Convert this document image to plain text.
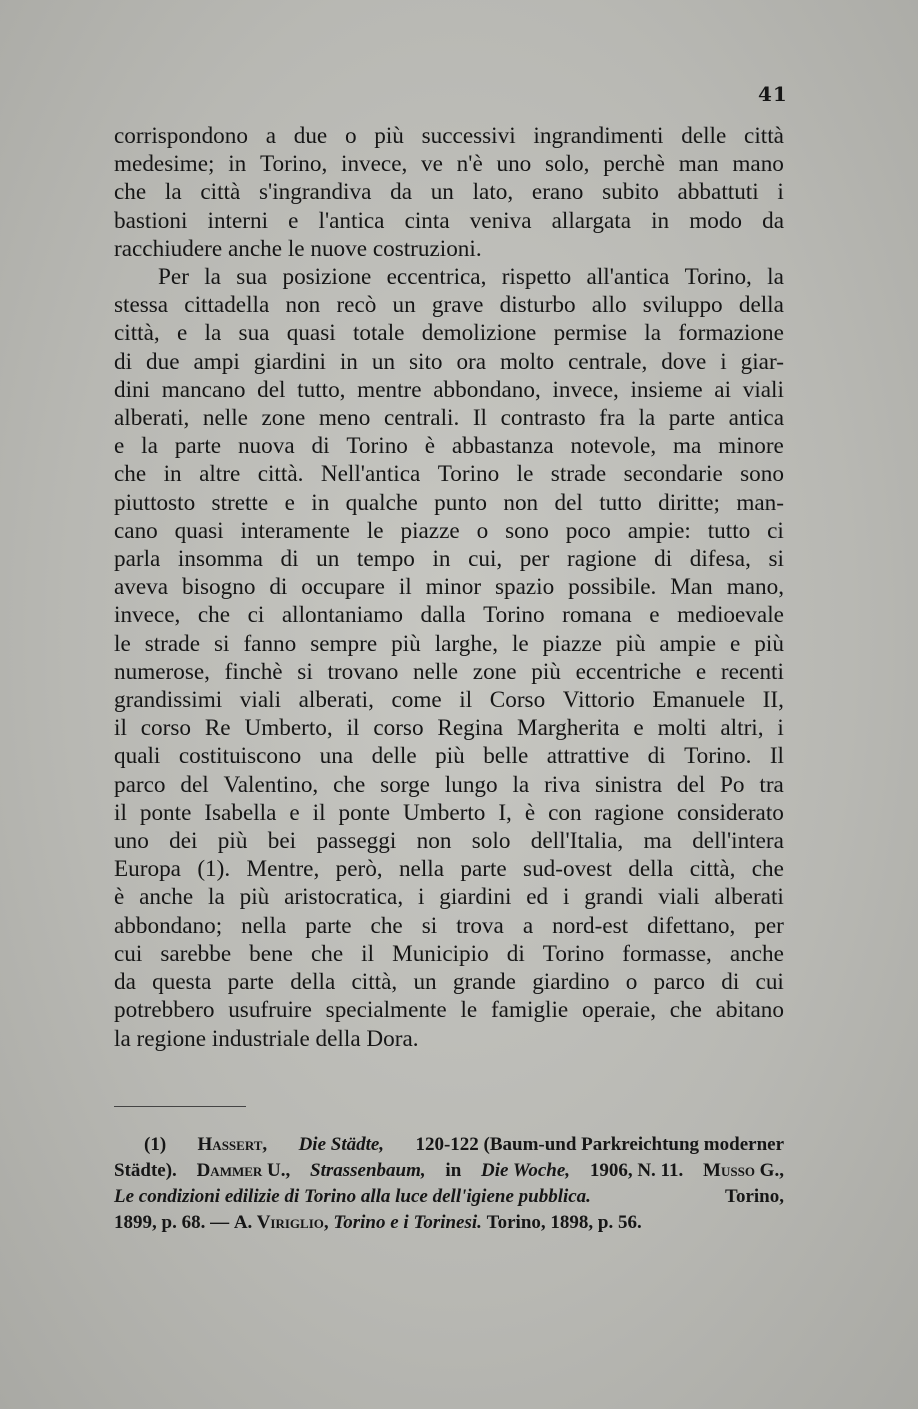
41
corrispondono a due o più successivi ingrandimenti delle città
medesime; in Torino, invece, ve n'è uno solo, perchè man mano
che la città s'ingrandiva da un lato, erano subito abbattuti i
bastioni interni e l'antica cinta veniva allargata in modo da
racchiudere
anche
le
nuove
costruzioni.
Per la sua posizione eccentrica, rispetto all'antica Torino, la
stessa cittadella non recò un grave disturbo allo sviluppo della
città, e la sua quasi totale demolizione permise la formazione
di due ampi giardini in un sito ora molto centrale, dove i giar-
dini mancano del tutto, mentre abbondano, invece, insieme ai viali
alberati, nelle zone meno centrali. Il contrasto fra la parte antica
e la parte nuova di Torino è abbastanza notevole, ma minore
che in altre città. Nell'antica Torino le strade secondarie sono
piuttosto strette e in qualche punto non del tutto diritte; man-
cano quasi interamente le piazze o sono poco ampie: tutto ci
parla insomma di un tempo in cui, per ragione di difesa, si
aveva bisogno di occupare il minor spazio possibile. Man mano,
invece, che ci allontaniamo dalla Torino romana e medioevale
le strade si fanno sempre più larghe, le piazze più ampie e più
numerose, finchè si trovano nelle zone più eccentriche e recenti
grandissimi viali alberati, come il Corso Vittorio Emanuele II,
il corso Re Umberto, il corso Regina Margherita e molti altri, i
quali costituiscono una delle più belle attrattive di Torino. Il
parco del Valentino, che sorge lungo la riva sinistra del Po tra
il ponte Isabella e il ponte Umberto I, è con ragione considerato
uno dei più bei passeggi non solo dell'Italia, ma dell'intera
Europa (1). Mentre, però, nella parte sud-ovest della città, che
è anche la più aristocratica, i giardini ed i grandi viali alberati
abbondano; nella parte che si trova a nord-est difettano, per
cui sarebbe bene che il Municipio di Torino formasse, anche
da questa parte della città, un grande giardino o parco di cui
potrebbero usufruire specialmente le famiglie operaie, che abitano
la
regione
industriale
della
Dora.
(1) Hassert, Die Städte, 120-122 (Baum-und Parkreichtung moderner
Städte). Dammer U., Strassenbaum, in Die Woche, 1906, N. 11. Musso G.,
Le condizioni edilizie di Torino alla luce dell'igiene pubblica.	Torino,
1899, p. 68. —
A. Viriglio,
Torino e i Torinesi.
Torino, 1898, p. 56.
